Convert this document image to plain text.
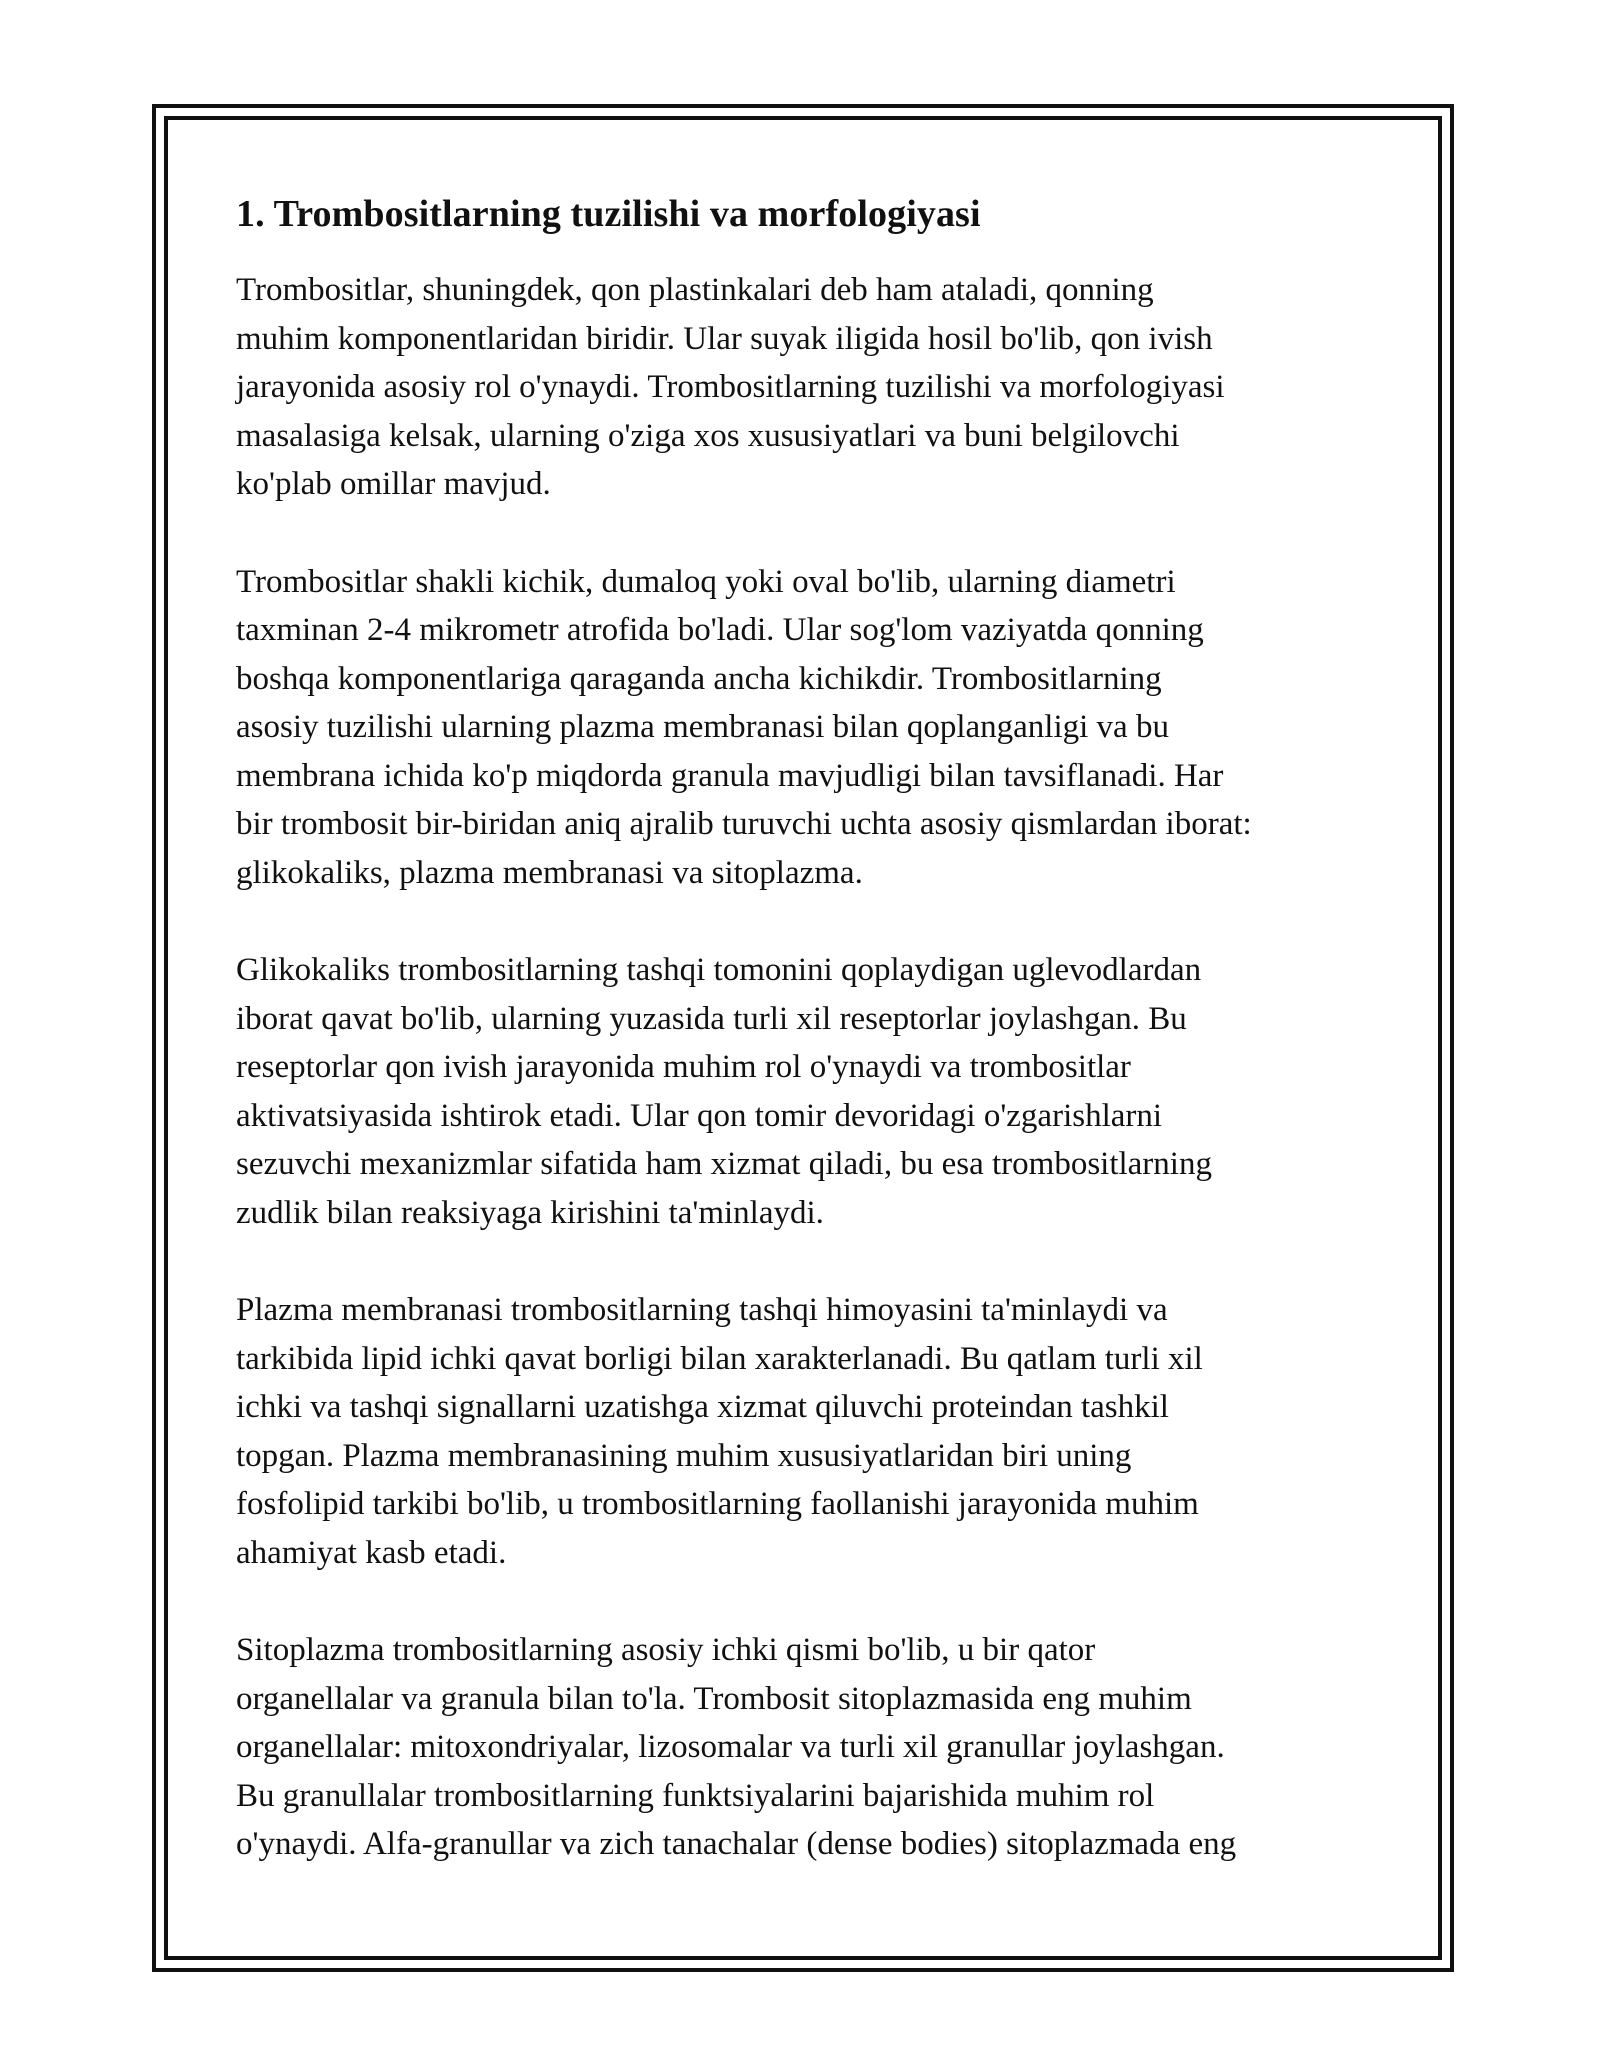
1. Trombositlarning tuzilishi va morfologiyasi

Trombositlar, shuningdek, qon plastinkalari deb ham ataladi, qonning
muhim komponentlaridan biridir. Ular suyak iligida hosil bo'lib, qon ivish
jarayonida asosiy rol o'ynaydi. Trombositlarning tuzilishi va morfologiyasi
masalasiga kelsak, ularning o'ziga xos xususiyatlari va buni belgilovchi
ko'plab omillar mavjud.

Trombositlar shakli kichik, dumaloq yoki oval bo'lib, ularning diametri
taxminan 2-4 mikrometr atrofida bo'ladi. Ular sog'lom vaziyatda qonning
boshqa komponentlariga qaraganda ancha kichikdir. Trombositlarning
asosiy tuzilishi ularning plazma membranasi bilan qoplanganligi va bu
membrana ichida ko'p miqdorda granula mavjudligi bilan tavsiflanadi. Har
bir trombosit bir-biridan aniq ajralib turuvchi uchta asosiy qismlardan iborat:
glikokaliks, plazma membranasi va sitoplazma.

Glikokaliks trombositlarning tashqi tomonini qoplaydigan uglevodlardan
iborat qavat bo'lib, ularning yuzasida turli xil reseptorlar joylashgan. Bu
reseptorlar qon ivish jarayonida muhim rol o'ynaydi va trombositlar
aktivatsiyasida ishtirok etadi. Ular qon tomir devoridagi o'zgarishlarni
sezuvchi mexanizmlar sifatida ham xizmat qiladi, bu esa trombositlarning
zudlik bilan reaksiyaga kirishini ta'minlaydi.

Plazma membranasi trombositlarning tashqi himoyasini ta'minlaydi va
tarkibida lipid ichki qavat borligi bilan xarakterlanadi. Bu qatlam turli xil
ichki va tashqi signallarni uzatishga xizmat qiluvchi proteindan tashkil
topgan. Plazma membranasining muhim xususiyatlaridan biri uning
fosfolipid tarkibi bo'lib, u trombositlarning faollanishi jarayonida muhim
ahamiyat kasb etadi.

Sitoplazma trombositlarning asosiy ichki qismi bo'lib, u bir qator
organellalar va granula bilan to'la. Trombosit sitoplazmasida eng muhim
organellalar: mitoxondriyalar, lizosomalar va turli xil granullar joylashgan.
Bu granullalar trombositlarning funktsiyalarini bajarishida muhim rol
o'ynaydi. Alfa-granullar va zich tanachalar (dense bodies) sitoplazmada eng
